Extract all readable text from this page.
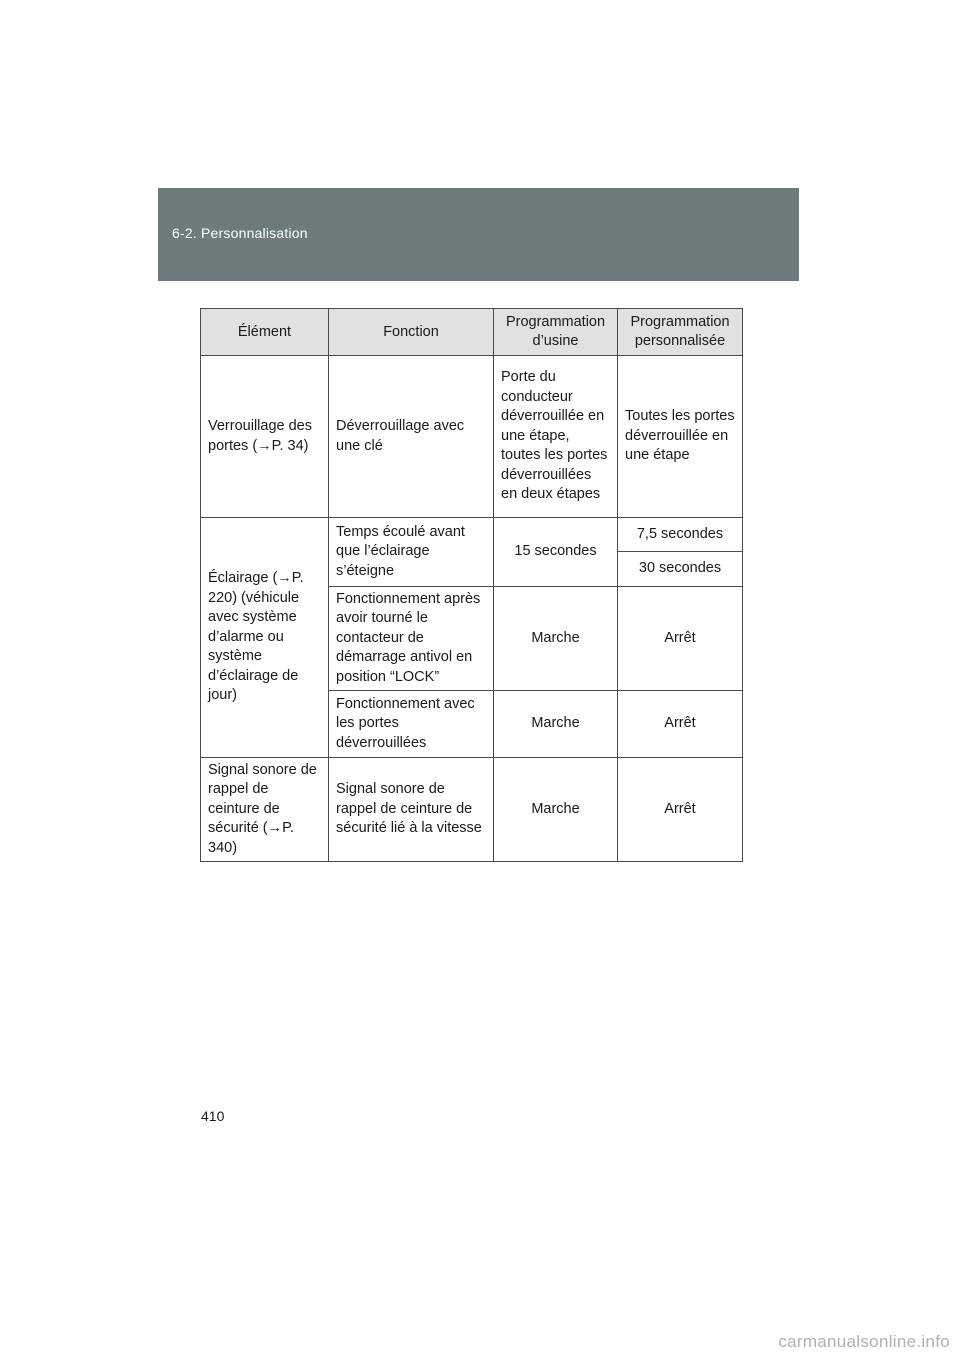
6-2. Personnalisation
Élément	Fonction	Programmation d’usine	Programmation personnalisée
Verrouillage des portes (→P. 34)	Déverrouillage avec une clé	Porte du conducteur déverrouillée en une étape, toutes les portes déverrouillées en deux étapes	Toutes les portes déverrouillée en une étape
Éclairage (→P. 220) (véhicule avec système d’alarme ou système d’éclairage de jour)	Temps écoulé avant que l’éclairage s’éteigne	15 secondes	7,5 secondes
			30 secondes
	Fonctionnement après avoir tourné le contacteur de démarrage antivol en position “LOCK”	Marche	Arrêt
	Fonctionnement avec les portes déverrouillées	Marche	Arrêt

Signal sonore de rappel de ceinture de sécurité (→P. 340)	Signal sonore de rappel de ceinture de sécurité lié à la vitesse	Marche	Arrêt
410
carmanualsonline.info
